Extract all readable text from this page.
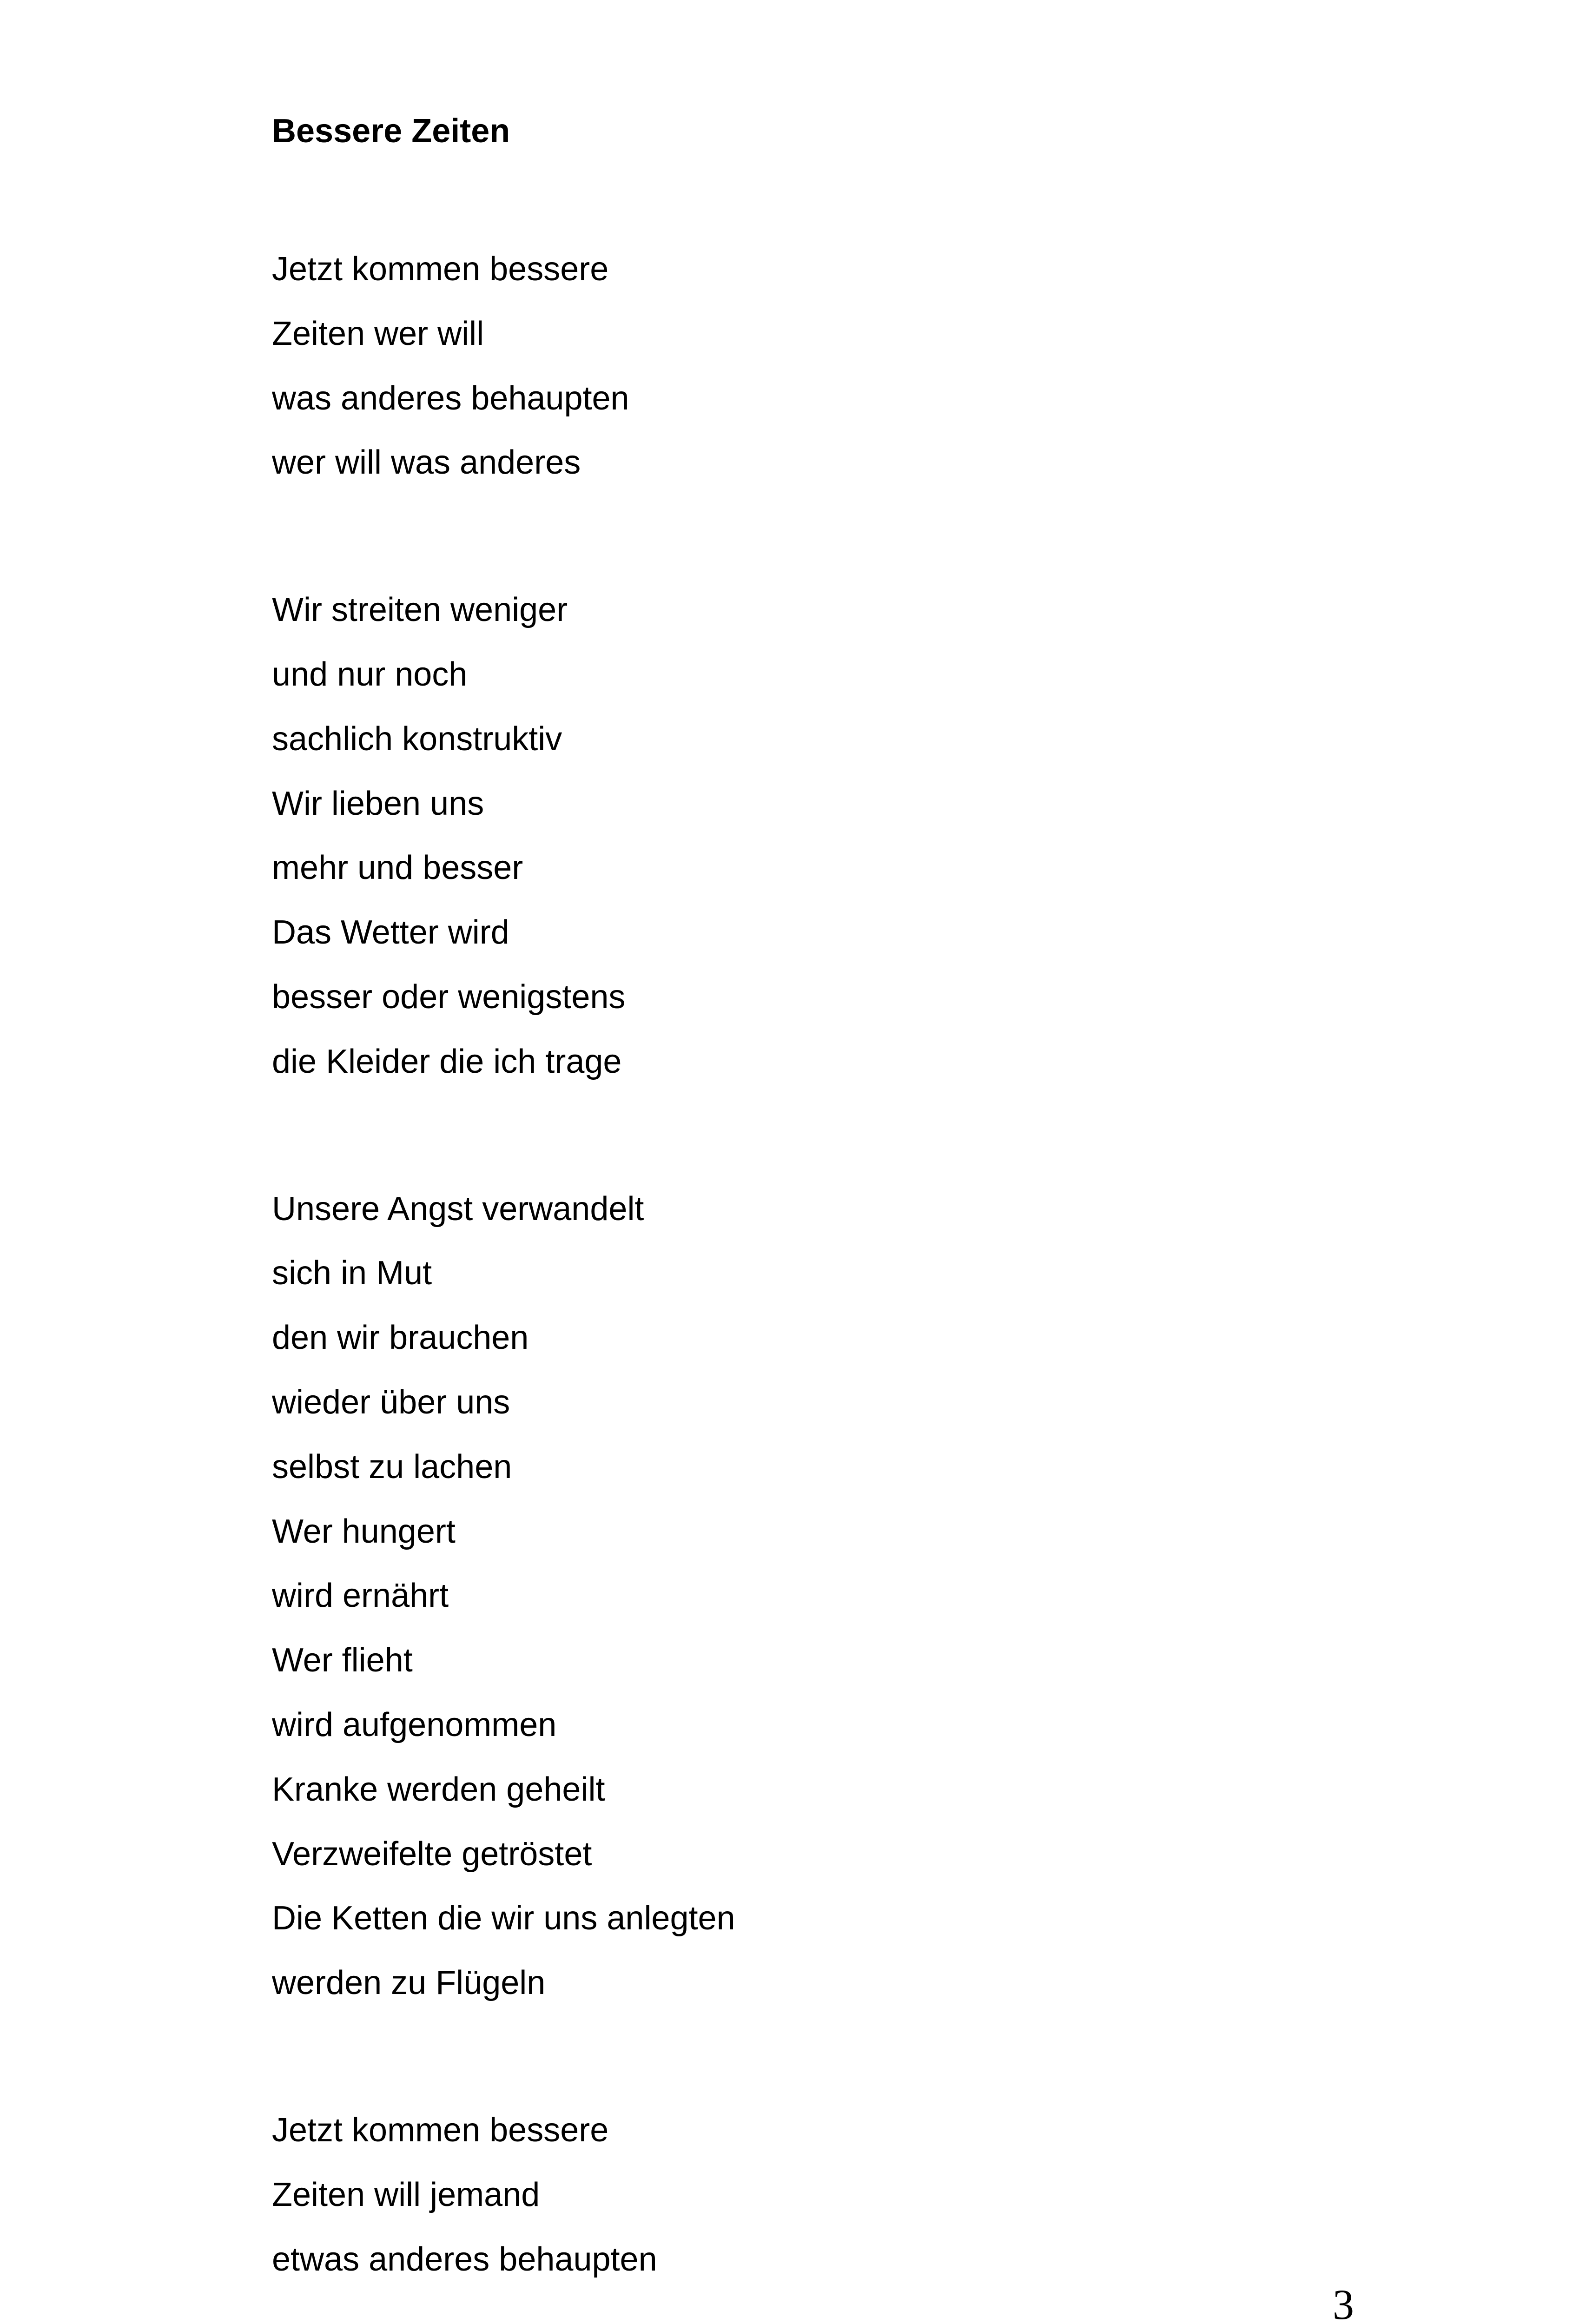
Bessere Zeiten
Jetzt kommen bessere
Zeiten wer will
was anderes behaupten
wer will was anderes
Wir streiten weniger
und nur noch
sachlich konstruktiv
Wir lieben uns
mehr und besser
Das Wetter wird
besser oder wenigstens
die Kleider die ich trage
Unsere Angst verwandelt
sich in Mut
den wir brauchen
wieder über uns
selbst zu lachen
Wer hungert
wird ernährt
Wer flieht
wird aufgenommen
Kranke werden geheilt
Verzweifelte getröstet
Die Ketten die wir uns anlegten
werden zu Flügeln
Jetzt kommen bessere
Zeiten will jemand
etwas anderes behaupten
3
